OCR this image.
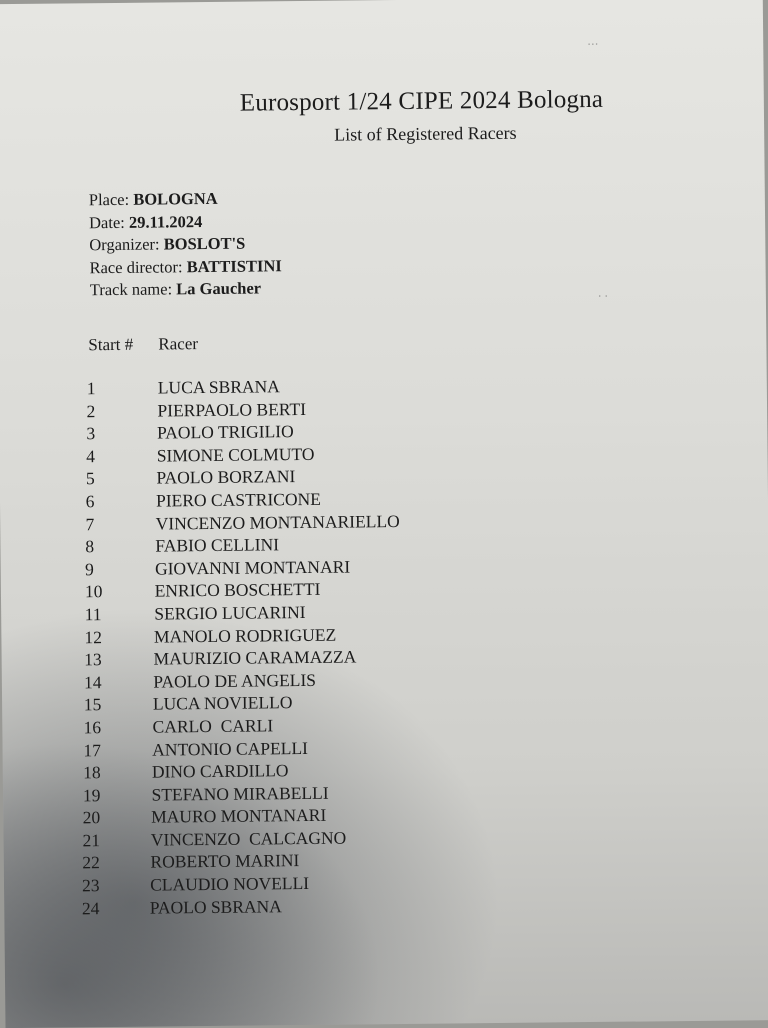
Eurosport 1/24 CIPE 2024 Bologna
List of Registered Racers
Place: BOLOGNA
Date: 29.11.2024
Organizer: BOSLOT'S
Race director: BATTISTINI
Track name: La Gaucher
Start # Racer
1	LUCA SBRANA
2	PIERPAOLO BERTI
3	PAOLO TRIGILIO
4	SIMONE COLMUTO
5	PAOLO BORZANI
6	PIERO CASTRICONE
7	VINCENZO MONTANARIELLO
8	FABIO CELLINI
9	GIOVANNI MONTANARI
10	ENRICO BOSCHETTI
11	SERGIO LUCARINI
12	MANOLO RODRIGUEZ
13	MAURIZIO CARAMAZZA
14	PAOLO DE ANGELIS
15	LUCA NOVIELLO
16	CARLO  CARLI
17	ANTONIO CAPELLI
18	DINO CARDILLO
19	STEFANO MIRABELLI
20	MAURO MONTANARI
21	VINCENZO  CALCAGNO
22	ROBERTO MARINI
23	CLAUDIO NOVELLI
24	PAOLO SBRANA
⋅⋅⋅
⋅ ⋅
